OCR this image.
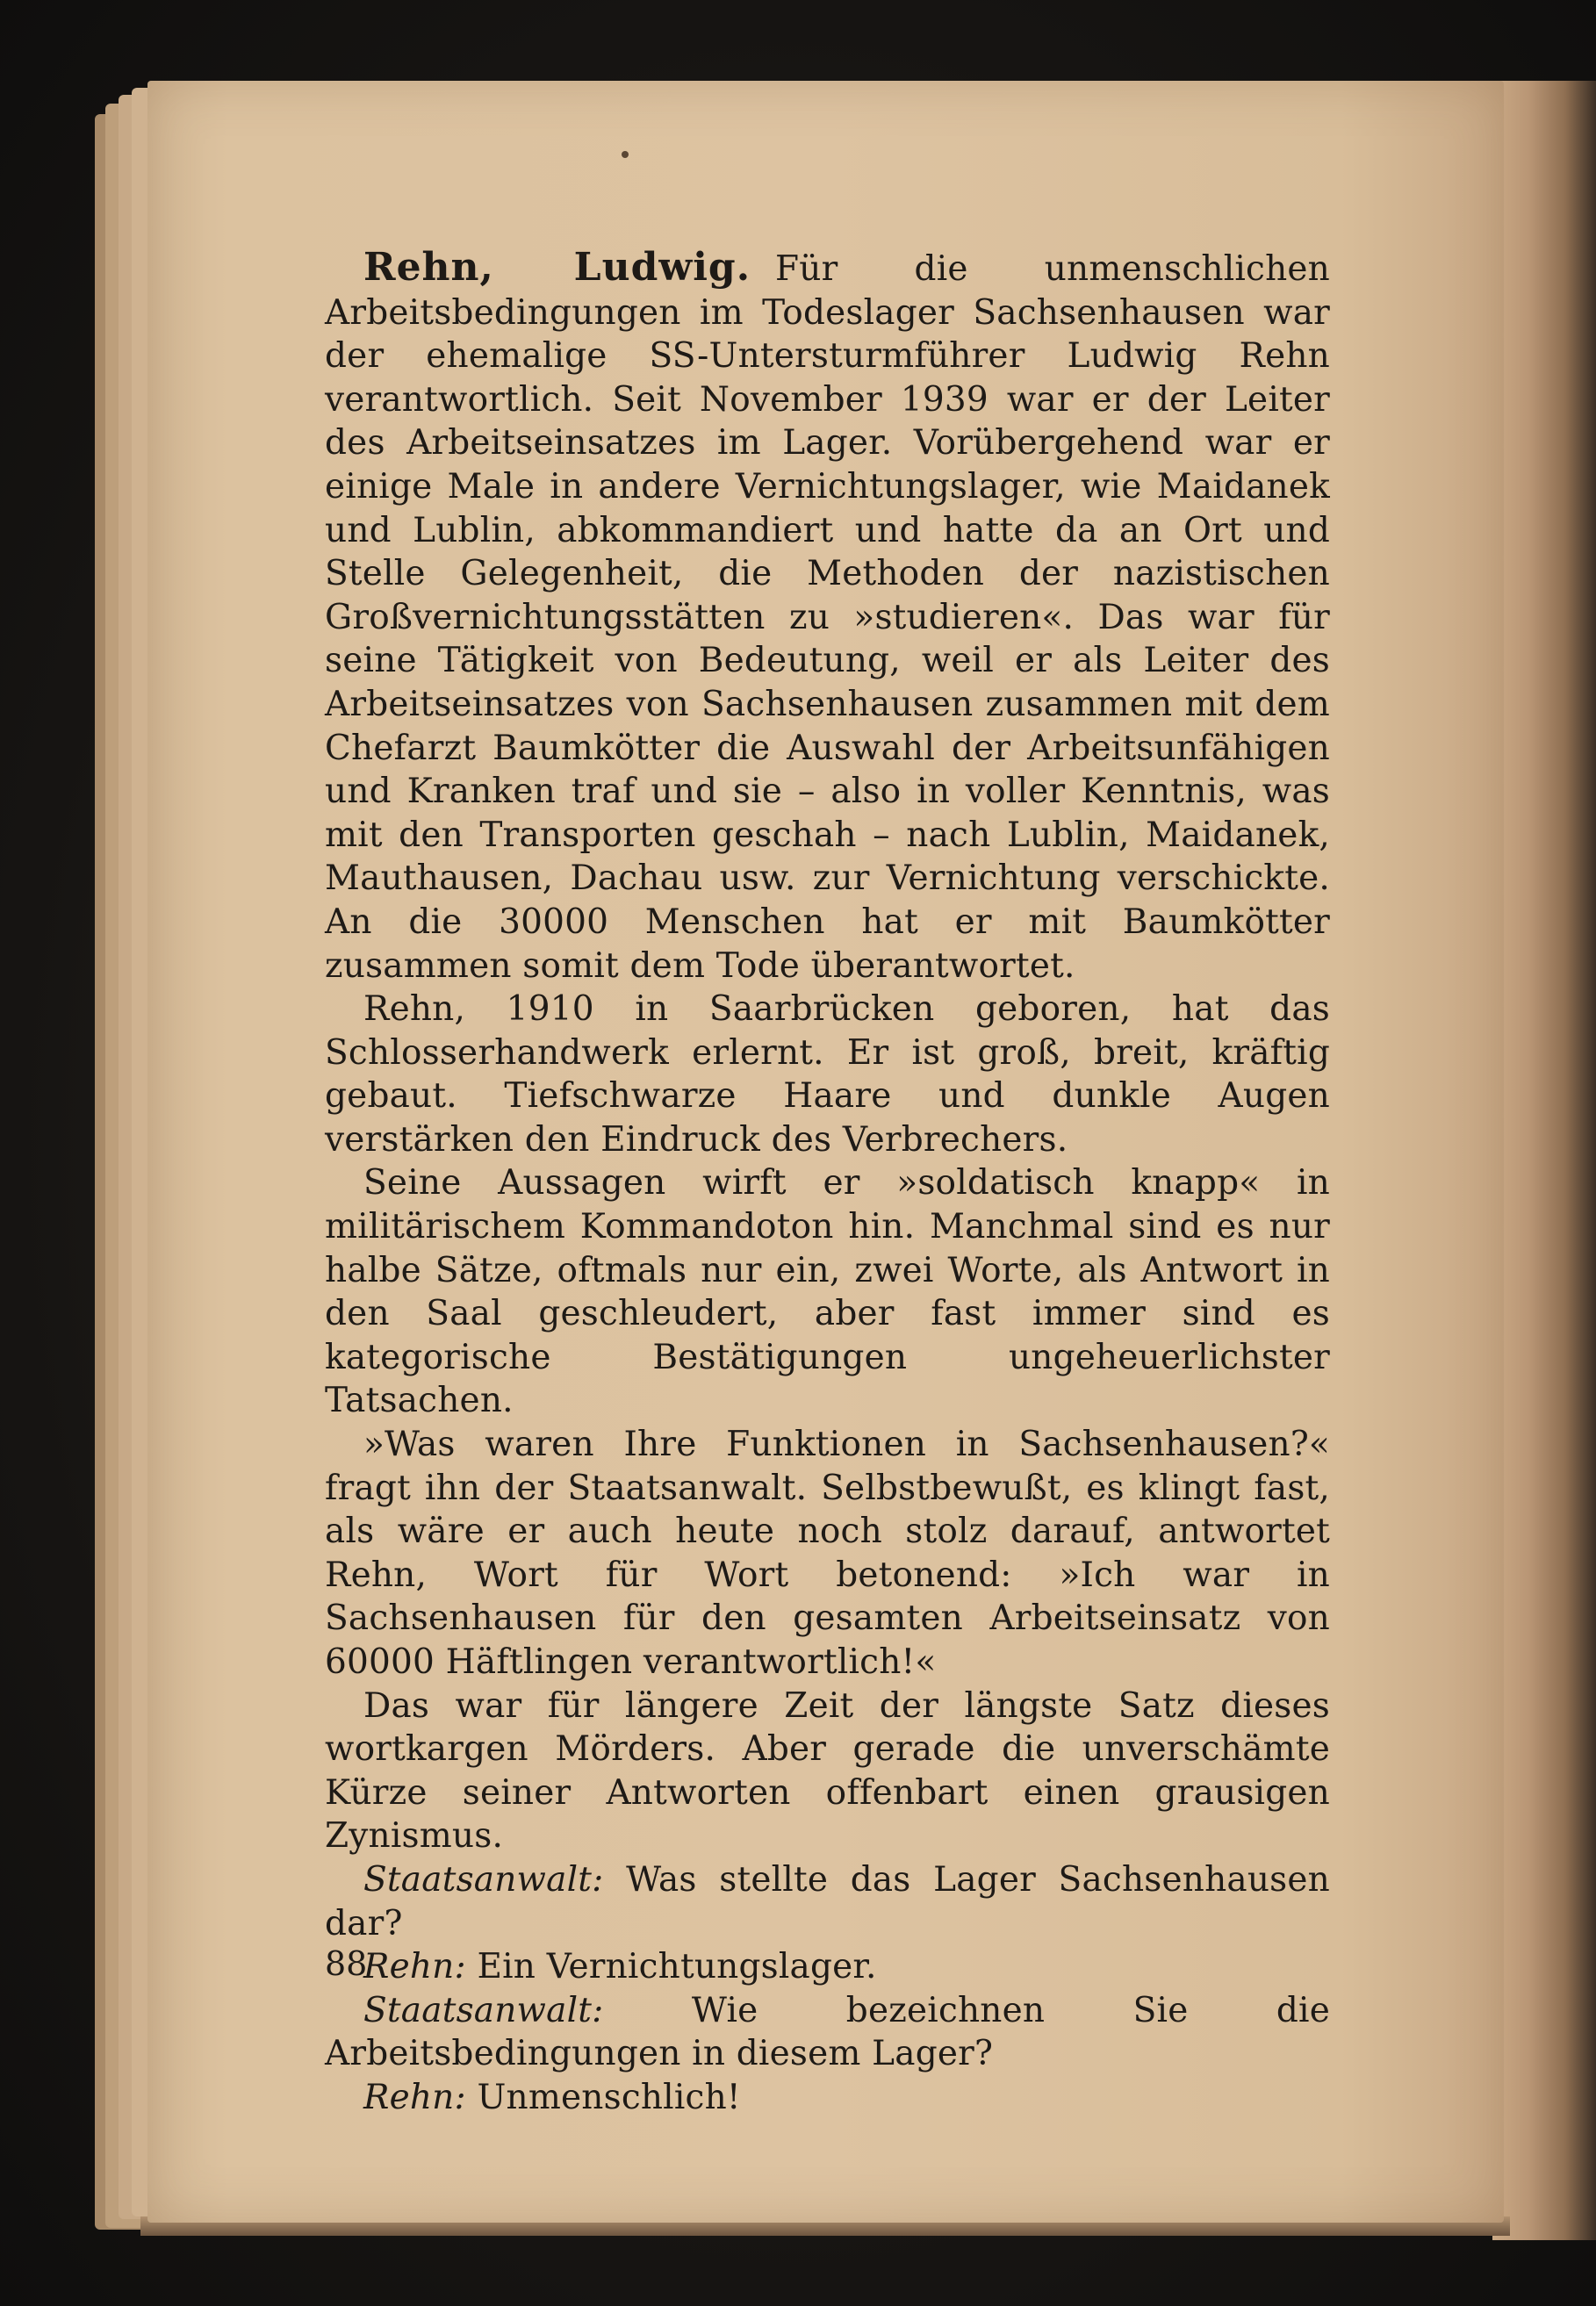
Rehn, Ludwig. Für die unmenschlichen Arbeitsbedingungen im Todeslager Sachsenhausen war der ehemalige SS-Untersturmführer Ludwig Rehn verantwortlich. Seit November 1939 war er der Leiter des Arbeitseinsatzes im Lager. Vorübergehend war er einige Male in andere Vernichtungslager, wie Maidanek und Lublin, abkommandiert und hatte da an Ort und Stelle Gelegenheit, die Methoden der nazistischen Großvernichtungsstätten zu »studieren«. Das war für seine Tätigkeit von Bedeutung, weil er als Leiter des Arbeitseinsatzes von Sachsenhausen zusammen mit dem Chefarzt Baumkötter die Auswahl der Arbeitsunfähigen und Kranken traf und sie – also in voller Kenntnis, was mit den Transporten geschah – nach Lublin, Maidanek, Mauthausen, Dachau usw. zur Vernichtung verschickte. An die 30000 Menschen hat er mit Baumkötter zusammen somit dem Tode überantwortet.

Rehn, 1910 in Saarbrücken geboren, hat das Schlosserhandwerk erlernt. Er ist groß, breit, kräftig gebaut. Tiefschwarze Haare und dunkle Augen verstärken den Eindruck des Verbrechers.

Seine Aussagen wirft er »soldatisch knapp« in militärischem Kommandoton hin. Manchmal sind es nur halbe Sätze, oftmals nur ein, zwei Worte, als Antwort in den Saal geschleudert, aber fast immer sind es kategorische Bestätigungen ungeheuerlichster Tatsachen.

»Was waren Ihre Funktionen in Sachsenhausen?« fragt ihn der Staatsanwalt. Selbstbewußt, es klingt fast, als wäre er auch heute noch stolz darauf, antwortet Rehn, Wort für Wort betonend: »Ich war in Sachsenhausen für den gesamten Arbeitseinsatz von 60000 Häftlingen verantwortlich!«

Das war für längere Zeit der längste Satz dieses wortkargen Mörders. Aber gerade die unverschämte Kürze seiner Antworten offenbart einen grausigen Zynismus.

Staatsanwalt: Was stellte das Lager Sachsenhausen dar?

Rehn: Ein Vernichtungslager.

Staatsanwalt:	Wie bezeichnen Sie die Arbeitsbedingungen in diesem Lager?

Rehn: Unmenschlich!

88
